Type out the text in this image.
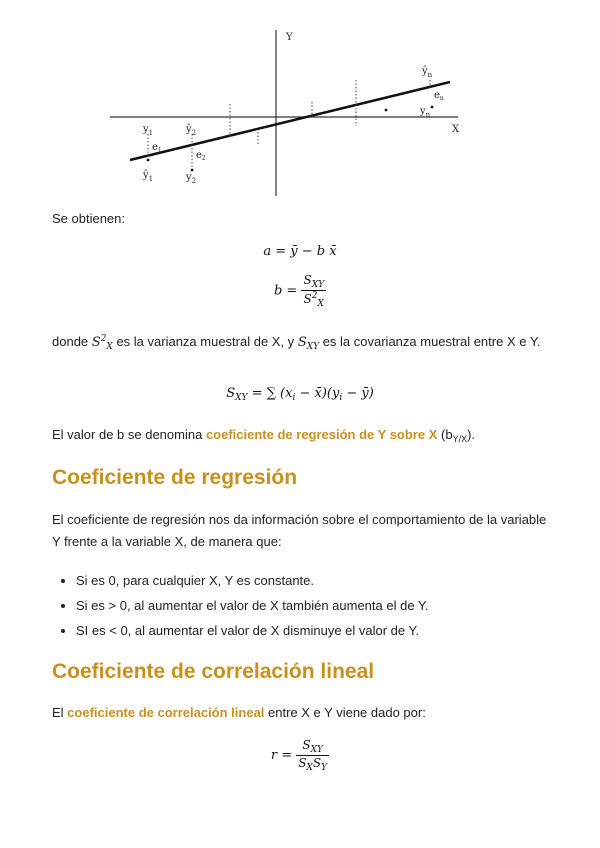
Y
X
$y_1$
$e_1$
$ŷ_1$
$ŷ_2$
$e_2$
$y_2$
$ŷ_n$
$e_n$
$y_n$
Se obtienen:
a = ȳ − b x̄
$b = \frac{S_{XY}}{S^2_X}$
donde $S^2_X$ es la varianza muestral de X, y $S_{XY}$ es la covarianza muestral entre X e Y.
$S_{XY}$ = ∑ ($x_i$ − $x̄)(y_i$ − ȳ)
El valor de b se denomina coeficiente de regresión de Y sobre X $(b_{Y/X})$.
Coeficiente de regresión
El coeficiente de regresión nos da información sobre el comportamiento de la variable Y frente a la variable X, de manera que:
• Si es 0, para cualquier X, Y es constante.
• Si es > 0, al aumentar el valor de X también aumenta el de Y.
• SI es < 0, al aumentar el valor de X disminuye el valor de Y.
Coeficiente de correlación lineal
El coeficiente de correlación lineal entre X e Y viene dado por:
$r = \frac{S_{XY}}{S_XS_Y}$
